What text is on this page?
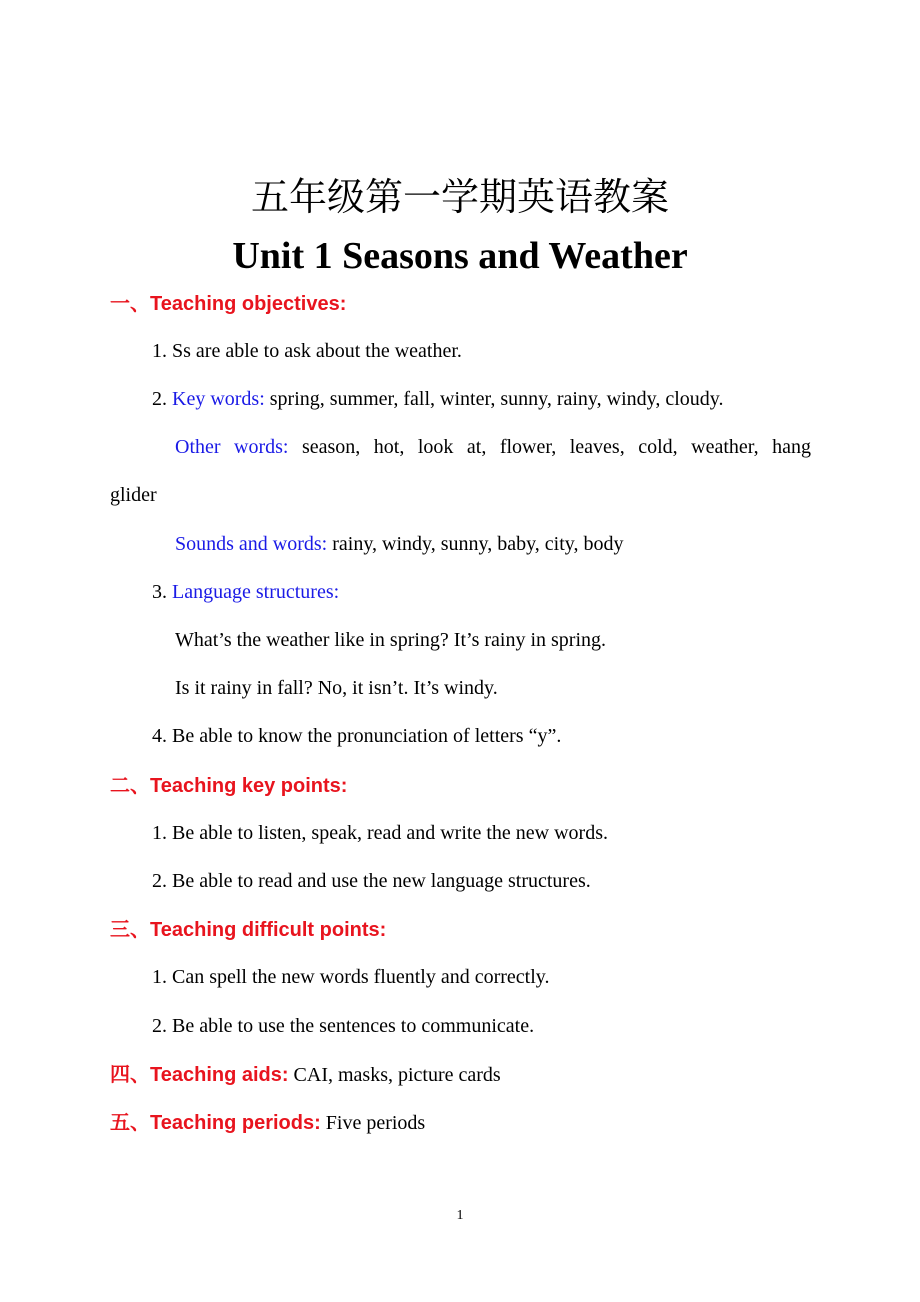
五年级第一学期英语教案
Unit 1 Seasons and Weather
一、Teaching objectives:
1. Ss are able to ask about the weather.
2. Key words: spring, summer, fall, winter, sunny, rainy, windy, cloudy.
Other words: season, hot, look at, flower, leaves, cold, weather, hang
glider
Sounds and words: rainy, windy, sunny, baby, city, body
3. Language structures:
What’s the weather like in spring? It’s rainy in spring.
Is it rainy in fall? No, it isn’t. It’s windy.
4. Be able to know the pronunciation of letters “y”.
二、Teaching key points:
1. Be able to listen, speak, read and write the new words.
2. Be able to read and use the new language structures.
三、Teaching difficult points:
1. Can spell the new words fluently and correctly.
2. Be able to use the sentences to communicate.
四、Teaching aids: CAI, masks, picture cards
五、Teaching periods: Five periods
1
